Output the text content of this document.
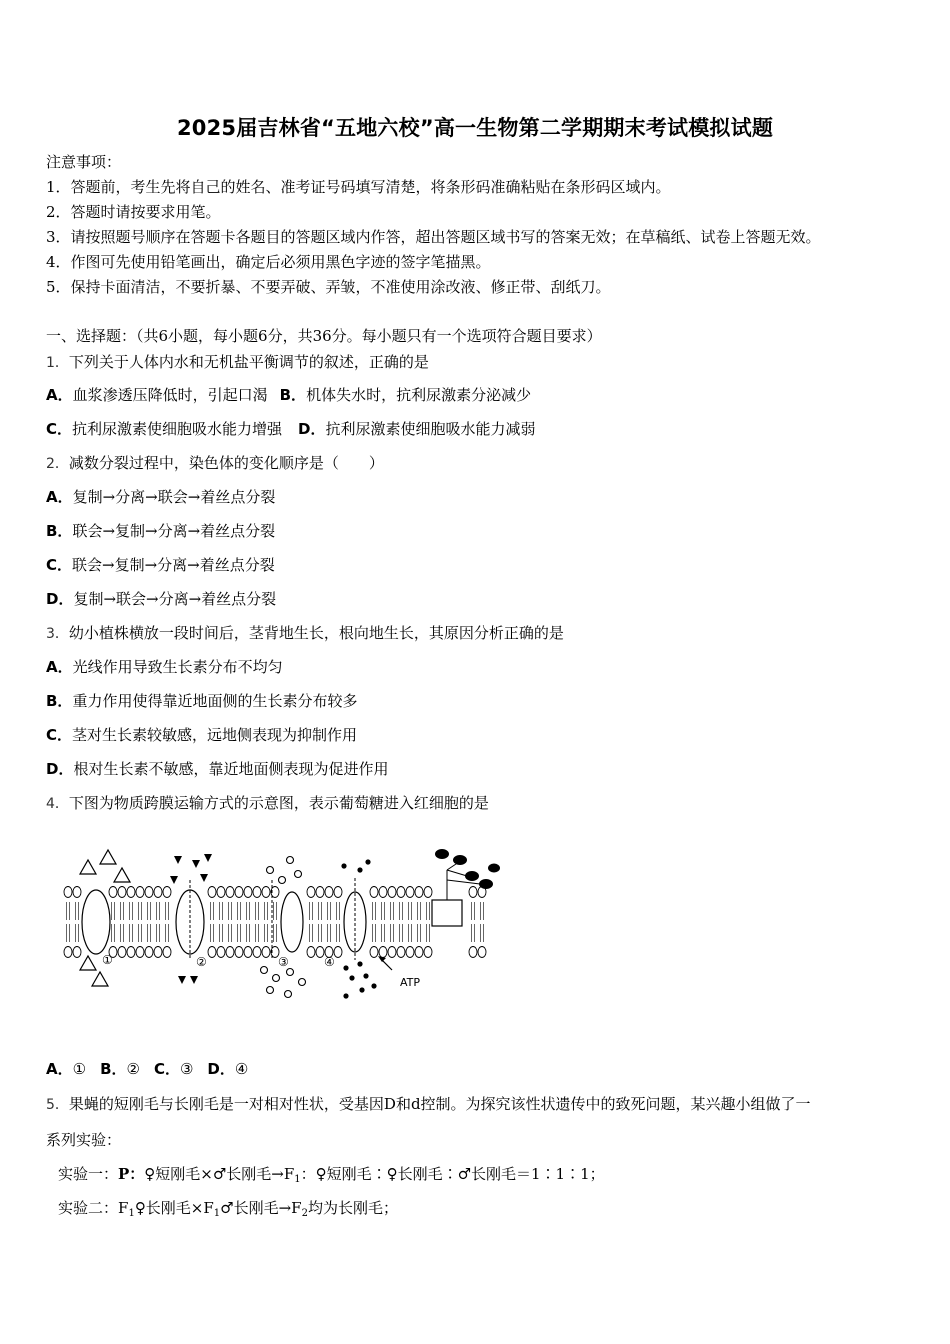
2025届吉林省“五地六校”高一生物第二学期期末考试模拟试题
注意事项：
1．答题前，考生先将自己的姓名、准考证号码填写清楚，将条形码准确粘贴在条形码区域内。
2．答题时请按要求用笔。
3．请按照题号顺序在答题卡各题目的答题区域内作答，超出答题区域书写的答案无效；在草稿纸、试卷上答题无效。
4．作图可先使用铅笔画出，确定后必须用黑色字迹的签字笔描黑。
5．保持卡面清洁，不要折暴、不要弄破、弄皱，不准使用涂改液、修正带、刮纸刀。
一、选择题：（共6小题，每小题6分，共36分。每小题只有一个选项符合题目要求）
1．下列关于人体内水和无机盐平衡调节的叙述，正确的是
A．血浆渗透压降低时，引起口渴 B．机体失水时，抗利尿激素分泌减少
C．抗利尿激素使细胞吸水能力增强 D．抗利尿激素使细胞吸水能力减弱
2．减数分裂过程中，染色体的变化顺序是（　　）
A．复制→分离→联会→着丝点分裂
B．联会→复制→分离→着丝点分裂
C．联会→复制→分离→着丝点分裂
D．复制→联会→分离→着丝点分裂
3．幼小植株横放一段时间后，茎背地生长，根向地生长，其原因分析正确的是
A．光线作用导致生长素分布不均匀
B．重力作用使得靠近地面侧的生长素分布较多
C．茎对生长素较敏感，远地侧表现为抑制作用
D．根对生长素不敏感，靠近地面侧表现为促进作用
4．下图为物质跨膜运输方式的示意图，表示葡萄糖进入红细胞的是
①	②	③	④
ATP
A．① B．② C．③ D．④
5．果蝇的短刚毛与长刚毛是一对相对性状，受基因D和d控制。为探究该性状遗传中的致死问题，某兴趣小组做了一
系列实验：
实验一：P：♀短刚毛×♂长刚毛$\to F_1$：♀短刚毛∶♀长刚毛∶♂长刚毛＝1∶1∶1；
实验二：$F_1♀$长刚毛$\times F_1♂$长刚毛$\to F_2$均为长刚毛；
